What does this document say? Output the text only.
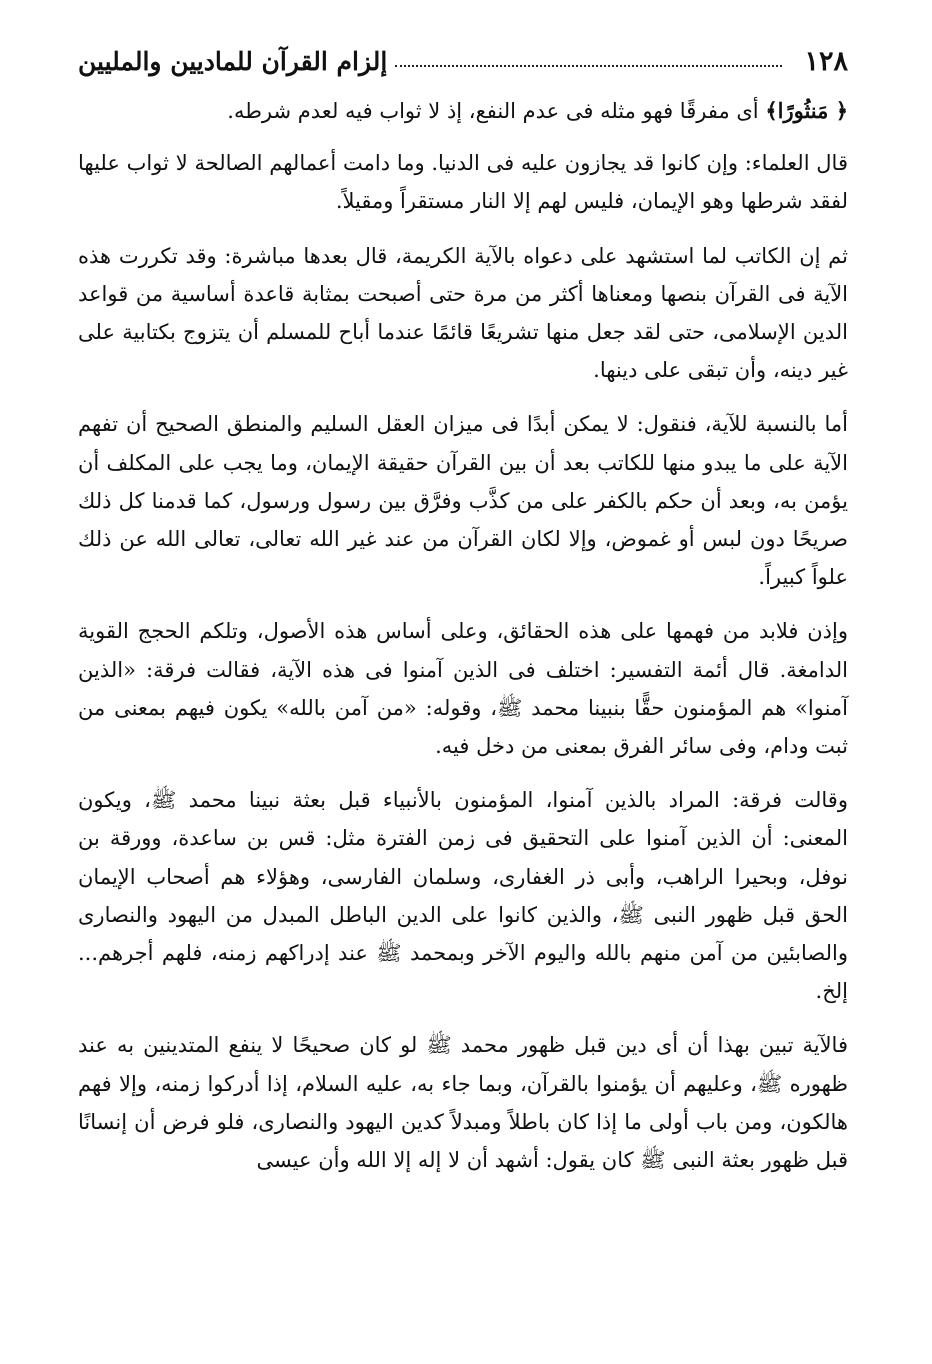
١٢٨
إلزام القرآن للماديين والمليين

﴿ مَنثُورًا﴾ أى مفرقًا فهو مثله فى عدم النفع، إذ لا ثواب فيه لعدم شرطه.

قال العلماء: وإن كانوا قد يجازون عليه فى الدنيا. وما دامت أعمالهم الصالحة لا ثواب عليها لفقد شرطها وهو الإيمان، فليس لهم إلا النار مستقراً ومقيلاً.

ثم إن الكاتب لما استشهد على دعواه بالآية الكريمة، قال بعدها مباشرة: وقد تكررت هذه الآية فى القرآن بنصها ومعناها أكثر من مرة حتى أصبحت بمثابة قاعدة أساسية من قواعد الدين الإسلامى، حتى لقد جعل منها تشريعًا قائمًا عندما أباح للمسلم أن يتزوج بكتابية على غير دينه، وأن تبقى على دينها.

أما بالنسبة للآية، فنقول: لا يمكن أبدًا فى ميزان العقل السليم والمنطق الصحيح أن تفهم الآية على ما يبدو منها للكاتب بعد أن بين القرآن حقيقة الإيمان، وما يجب على المكلف أن يؤمن به، وبعد أن حكم بالكفر على من كذَّب وفرَّق بين رسول ورسول، كما قدمنا كل ذلك صريحًا دون لبس أو غموض، وإلا لكان القرآن من عند غير الله تعالى، تعالى الله عن ذلك علواً كبيراً.

وإذن فلابد من فهمها على هذه الحقائق، وعلى أساس هذه الأصول، وتلكم الحجج القوية الدامغة. قال أئمة التفسير: اختلف فى الذين آمنوا فى هذه الآية، فقالت فرقة: «الذين آمنوا» هم المؤمنون حقًّا بنبينا محمد ﷺ، وقوله: «من آمن بالله» يكون فيهم بمعنى من ثبت ودام، وفى سائر الفرق بمعنى من دخل فيه.

وقالت فرقة: المراد بالذين آمنوا، المؤمنون بالأنبياء قبل بعثة نبينا محمد ﷺ، ويكون المعنى: أن الذين آمنوا على التحقيق فى زمن الفترة مثل: قس بن ساعدة، وورقة بن نوفل، وبحيرا الراهب، وأبى ذر الغفارى، وسلمان الفارسى، وهؤلاء هم أصحاب الإيمان الحق قبل ظهور النبى ﷺ، والذين كانوا على الدين الباطل المبدل من اليهود والنصارى والصابئين من آمن منهم بالله واليوم الآخر وبمحمد ﷺ عند إدراكهم زمنه، فلهم أجرهم... إلخ.

فالآية تبين بهذا أن أى دين قبل ظهور محمد ﷺ لو كان صحيحًا لا ينفع المتدينين به عند ظهوره ﷺ، وعليهم أن يؤمنوا بالقرآن، وبما جاء به، عليه السلام، إذا أدركوا زمنه، وإلا فهم هالكون، ومن باب أولى ما إذا كان باطلاً ومبدلاً كدين اليهود والنصارى، فلو فرض أن إنسانًا قبل ظهور بعثة النبى ﷺ كان يقول: أشهد أن لا إله إلا الله وأن عيسى
